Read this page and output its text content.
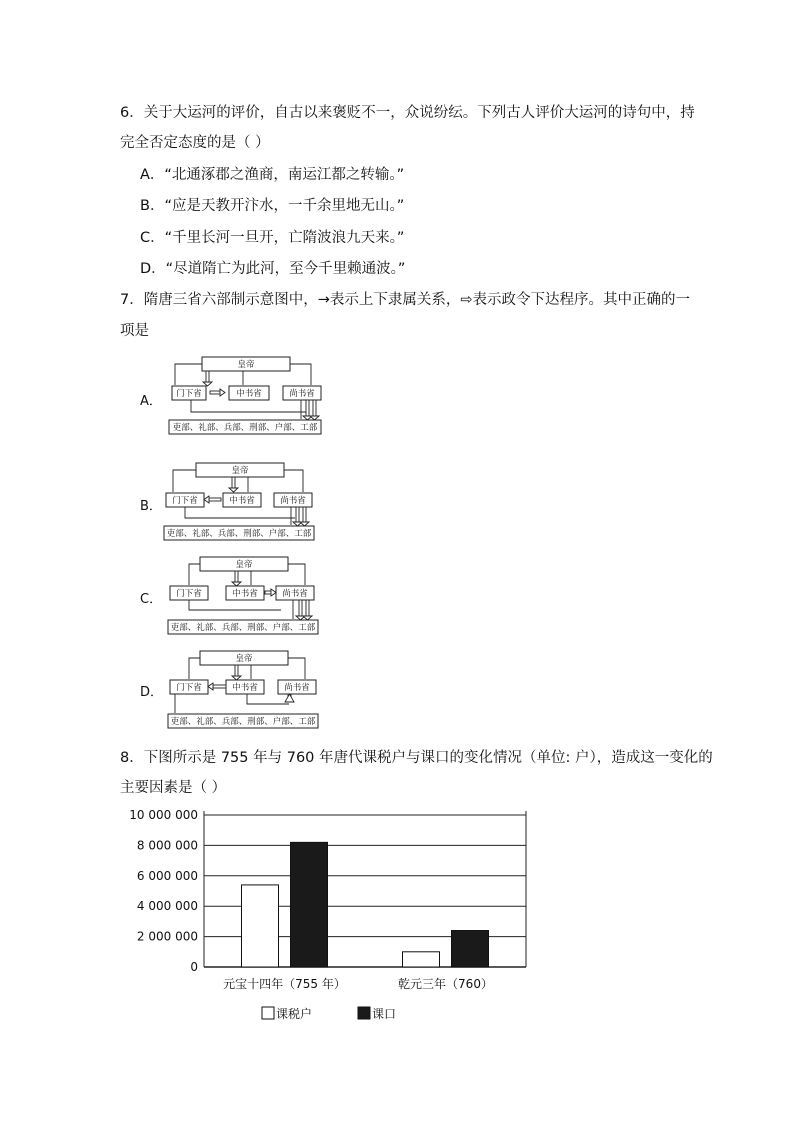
6．关于大运河的评价，自古以来褒贬不一，众说纷纭。下列古人评价大运河的诗句中，持
完全否定态度的是（ ）
A．“北通涿郡之渔商，南运江都之转输。”
B．“应是天教开汴水，一千余里地无山。”
C．“千里长河一旦开，亡隋波浪九天来。”
D．“尽道隋亡为此河，至今千里赖通波。”
7．隋唐三省六部制示意图中，→表示上下隶属关系，⇨表示政令下达程序。其中正确的一
项是
A．
皇帝
门下省	中书省	尚书省
吏部、礼部、兵部、刑部、户部、工部
B．
皇帝
门下省	中书省	尚书省
吏部、礼部、兵部、刑部、户部、工部
C．
皇帝
门下省	中书省	尚书省
吏部、礼部、兵部、刑部、户部、工部
D．
皇帝
门下省	中书省	尚书省
吏部、礼部、兵部、刑部、户部、工部
8．下图所示是 755 年与 760 年唐代课税户与课口的变化情况（单位: 户），造成这一变化的
主要因素是（ ）
0
2 000 000
4 000 000
6 000 000
8 000 000
10 000 000
元宝十四年（755 年）	乾元三年（760）
课税户	课口
